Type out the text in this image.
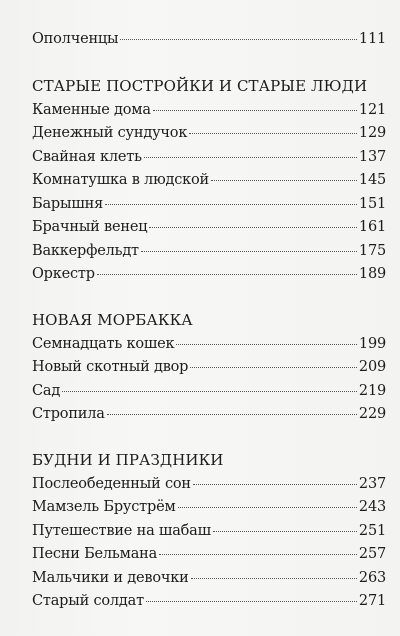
Ополченцы	111
СТАРЫЕ ПОСТРОЙКИ И СТАРЫЕ ЛЮДИ
Каменные дома	121
Денежный сундучок	129
Свайная клеть	137
Комнатушка в людской	145
Барышня	151
Брачный венец	161
Ваккерфельдт	175
Оркестр	189
НОВАЯ МОРБАККА
Семнадцать кошек	199
Новый скотный двор	209
Сад	219
Стропила	229
БУДНИ И ПРАЗДНИКИ
Послеобеденный сон	237
Мамзель Брустрём	243
Путешествие на шабаш	251
Песни Бельмана	257
Мальчики и девочки	263
Старый солдат	271
